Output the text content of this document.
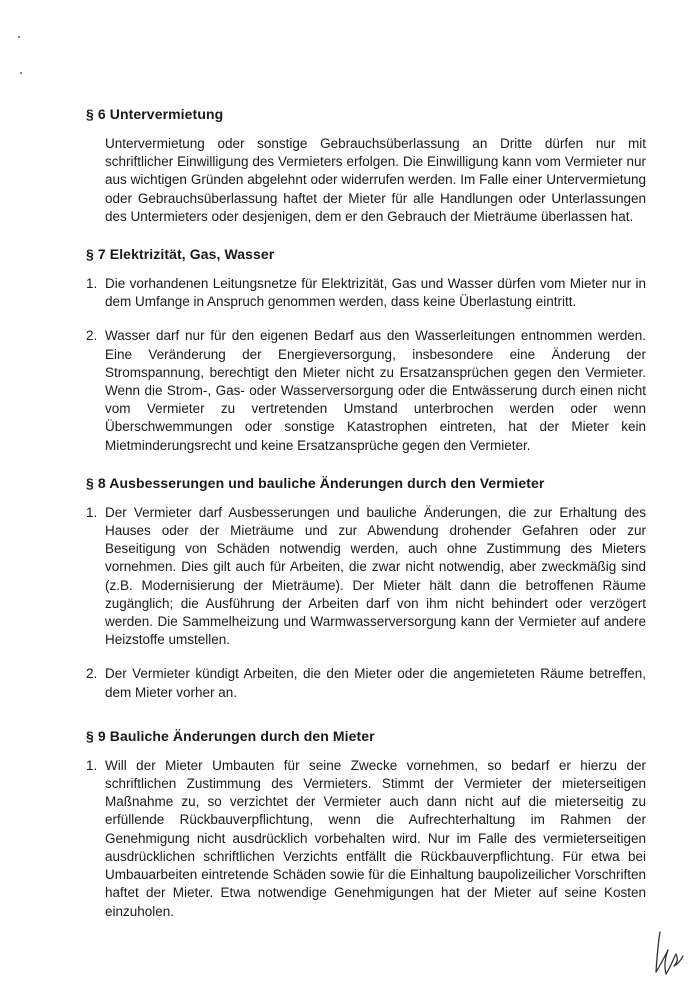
§ 6 Untervermietung

Untervermietung oder sonstige Gebrauchsüberlassung an Dritte dürfen nur mit schriftlicher Einwilligung des Vermieters erfolgen. Die Einwilligung kann vom Vermieter nur aus wichtigen Gründen abgelehnt oder widerrufen werden. Im Falle einer Untervermietung oder Gebrauchsüberlassung haftet der Mieter für alle Handlungen oder Unterlassungen des Untermieters oder desjenigen, dem er den Gebrauch der Mieträume überlassen hat.

§ 7 Elektrizität, Gas, Wasser
1. Die vorhandenen Leitungsnetze für Elektrizität, Gas und Wasser dürfen vom Mieter nur in dem Umfange in Anspruch genommen werden, dass keine Überlastung eintritt.
2. Wasser darf nur für den eigenen Bedarf aus den Wasserleitungen entnommen werden. Eine Veränderung der Energieversorgung, insbesondere eine Änderung der Stromspannung, berechtigt den Mieter nicht zu Ersatzansprüchen gegen den Vermieter. Wenn die Strom-, Gas- oder Wasserversorgung oder die Entwässerung durch einen nicht vom Vermieter zu vertretenden Umstand unterbrochen werden oder wenn Überschwemmungen oder sonstige Katastrophen eintreten, hat der Mieter kein Mietminderungsrecht und keine Ersatzansprüche gegen den Vermieter.
§ 8 Ausbesserungen und bauliche Änderungen durch den Vermieter
1. Der Vermieter darf Ausbesserungen und bauliche Änderungen, die zur Erhaltung des Hauses oder der Mieträume und zur Abwendung drohender Gefahren oder zur Beseitigung von Schäden notwendig werden, auch ohne Zustimmung des Mieters vornehmen. Dies gilt auch für Arbeiten, die zwar nicht notwendig, aber zweckmäßig sind (z.B. Modernisierung der Mieträume). Der Mieter hält dann die betroffenen Räume zugänglich; die Ausführung der Arbeiten darf von ihm nicht behindert oder verzögert werden. Die Sammelheizung und Warmwasserversorgung kann der Vermieter auf andere Heizstoffe umstellen.
2. Der Vermieter kündigt Arbeiten, die den Mieter oder die angemieteten Räume betreffen, dem Mieter vorher an.
§ 9 Bauliche Änderungen durch den Mieter
1. Will der Mieter Umbauten für seine Zwecke vornehmen, so bedarf er hierzu der schriftlichen Zustimmung des Vermieters. Stimmt der Vermieter der mieterseitigen Maßnahme zu, so verzichtet der Vermieter auch dann nicht auf die mieterseitig zu erfüllende Rückbauverpflichtung, wenn die Aufrechterhaltung im Rahmen der Genehmigung nicht ausdrücklich vorbehalten wird. Nur im Falle des vermieterseitigen ausdrücklichen schriftlichen Verzichts entfällt die Rückbauverpflichtung. Für etwa bei Umbauarbeiten eintretende Schäden sowie für die Einhaltung baupolizeilicher Vorschriften haftet der Mieter. Etwa notwendige Genehmigungen hat der Mieter auf seine Kosten einzuholen.
